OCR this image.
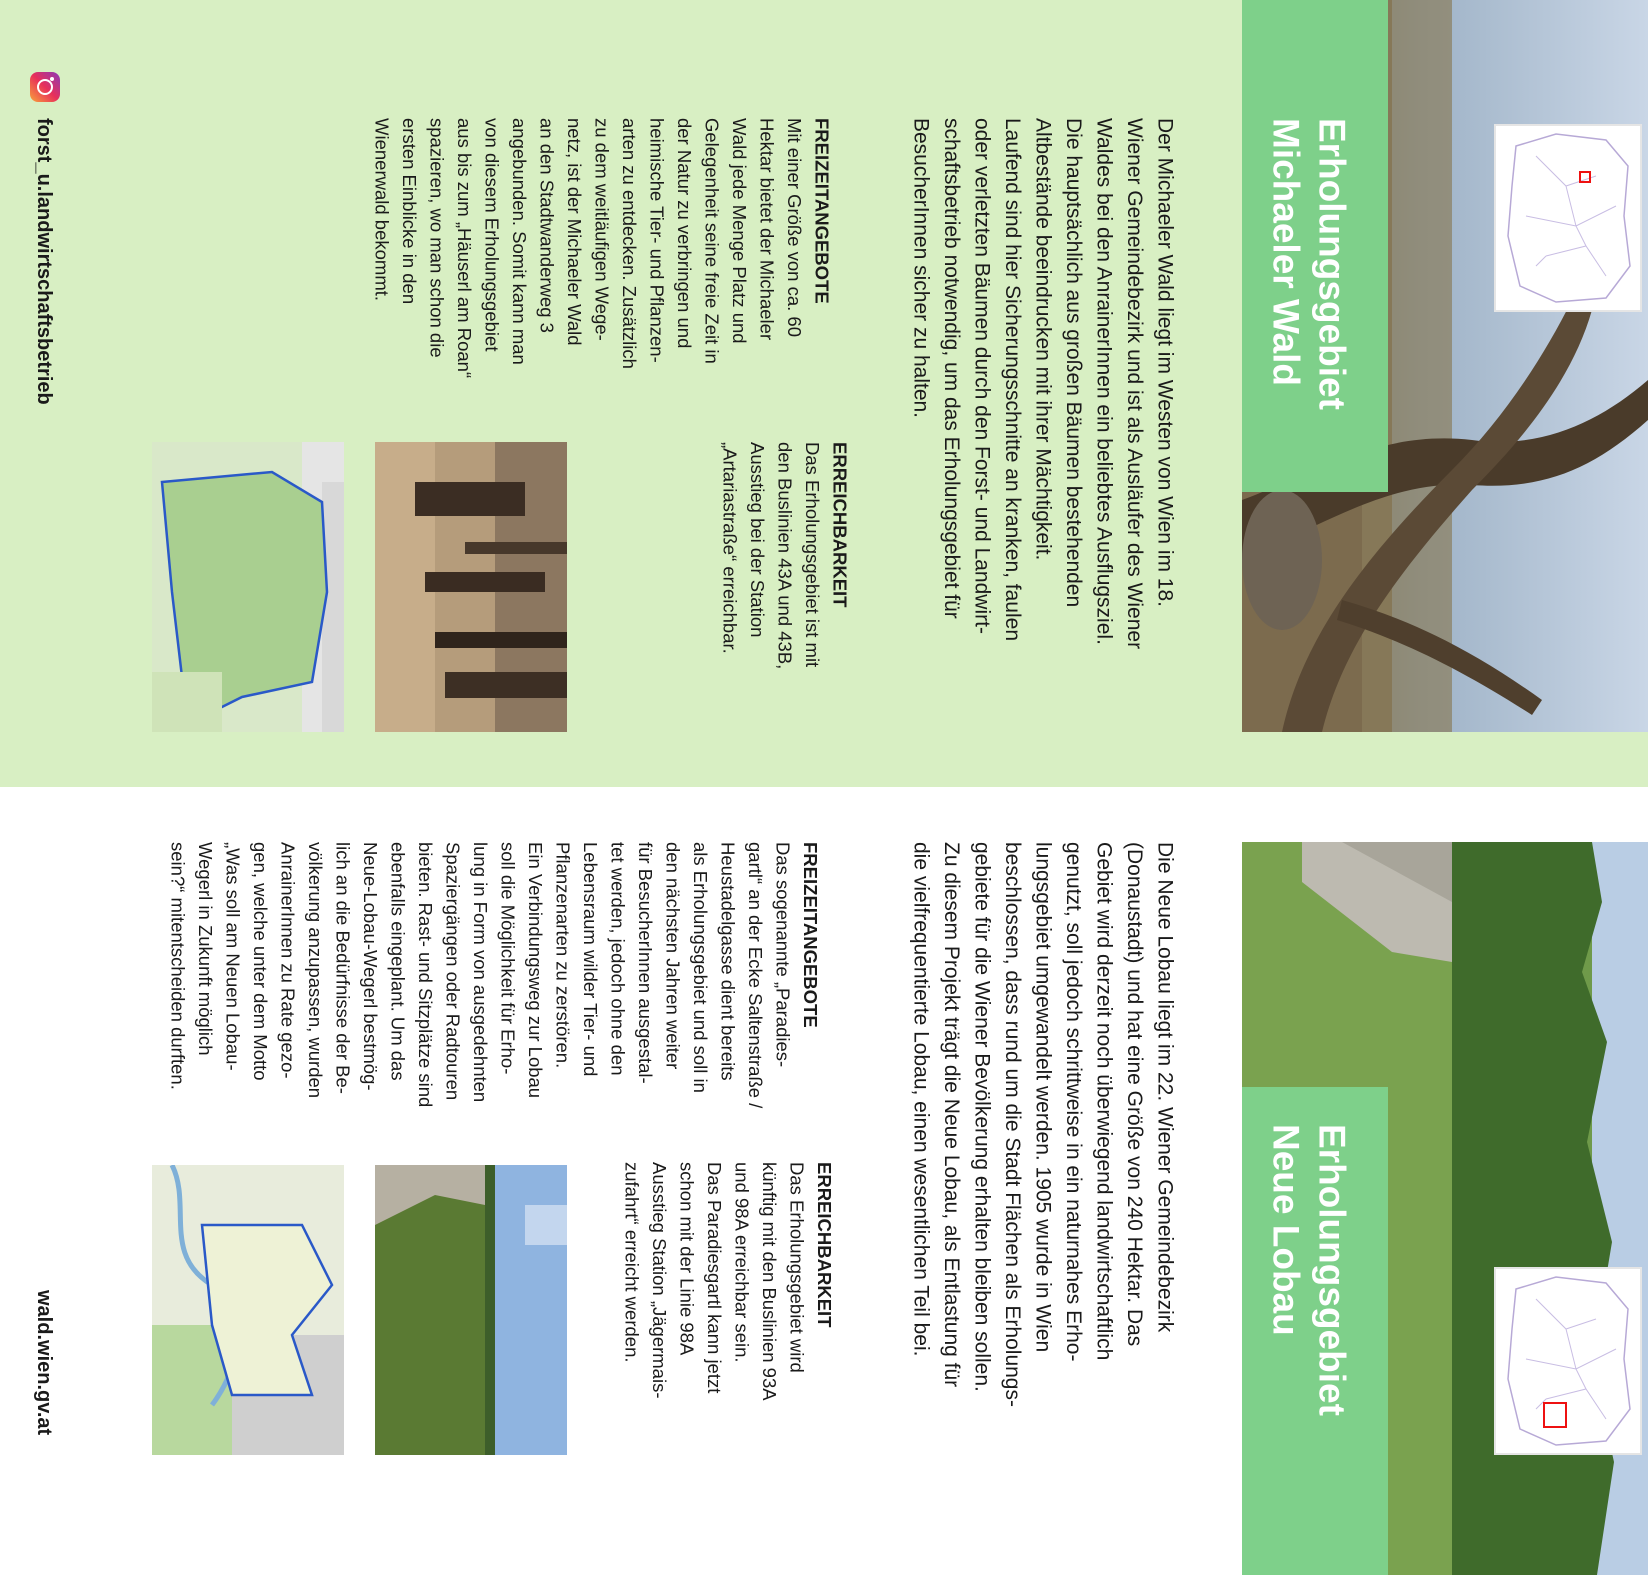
Erholungsgebiet
Michaeler Wald

Der Michaeler Wald liegt im Westen von Wien im 18.
Wiener Gemeindebezirk und ist als Ausläufer des Wiener
Waldes bei den AnrainerInnen ein beliebtes Ausflugsziel.
Die hauptsächlich aus großen Bäumen bestehenden
Altbestände beeindrucken mit ihrer Mächtigkeit.
Laufend sind hier Sicherungsschnitte an kranken, faulen
oder verletzten Bäumen durch den Forst- und Landwirt-
schaftsbetrieb notwendig, um das Erholungsgebiet für
BesucherInnen sicher zu halten.

ERREICHBARKEIT

Das Erholungsgebiet ist mit
den Buslinien 43A und 43B,
Ausstieg bei der Station
„Artariastraße“ erreichbar.

FREIZEITANGEBOTE

Mit einer Größe von ca. 60
Hektar bietet der Michaeler
Wald jede Menge Platz und
Gelegenheit seine freie Zeit in
der Natur zu verbringen und
heimische Tier- und Pflanzen-
arten zu entdecken. Zusätzlich
zu dem weitläufigen Wege-
netz, ist der Michaeler Wald
an den Stadtwanderweg 3
angebunden. Somit kann man
von diesem Erholungsgebiet
aus bis zum „Häuserl am Roan“
spazieren, wo man schon die
ersten Einblicke in den
Wienerwald bekommt.

Erholungsgebiet
Neue Lobau

Die Neue Lobau liegt im 22. Wiener Gemeindebezirk
(Donaustadt) und hat eine Größe von 240 Hektar. Das
Gebiet wird derzeit noch überwiegend landwirtschaftlich
genutzt, soll jedoch schrittweise in ein naturnahes Erho-
lungsgebiet umgewandelt werden. 1905 wurde in Wien
beschlossen, dass rund um die Stadt Flächen als Erholungs-
gebiete für die Wiener Bevölkerung erhalten bleiben sollen.
Zu diesem Projekt trägt die Neue Lobau, als Entlastung für
die vielfrequentierte Lobau, einen wesentlichen Teil bei.

ERREICHBARKEIT

Das Erholungsgebiet wird
künftig mit den Buslinien 93A
und 98A erreichbar sein.
Das Paradiesgartl kann jetzt
schon mit der Linie 98A
Ausstieg Station „Jägermais-
zufahrt“ erreicht werden.

FREIZEITANGEBOTE

Das sogenannte „Paradies-
gartl“ an der Ecke Saltenstraße /
Heustadelgasse dient bereits
als Erholungsgebiet und soll in
den nächsten Jahren weiter
für BesucherInnen ausgestal-
tet werden, jedoch ohne den
Lebensraum wilder Tier- und
Pflanzenarten zu zerstören.
Ein Verbindungsweg zur Lobau
soll die Möglichkeit für Erho-
lung in Form von ausgedehnten
Spaziergängen oder Radtouren
bieten. Rast- und Sitzplätze sind
ebenfalls eingeplant. Um das
Neue-Lobau-Wegerl bestmög-
lich an die Bedürfnisse der Be-
völkerung anzupassen, wurden
AnrainerInnen zu Rate gezo-
gen, welche unter dem Motto
„Was soll am Neuen Lobau-
Wegerl in Zukunft möglich
sein?“ mitentscheiden durften.

forst_u.landwirtschaftsbetrieb

wald.wien.gv.at
